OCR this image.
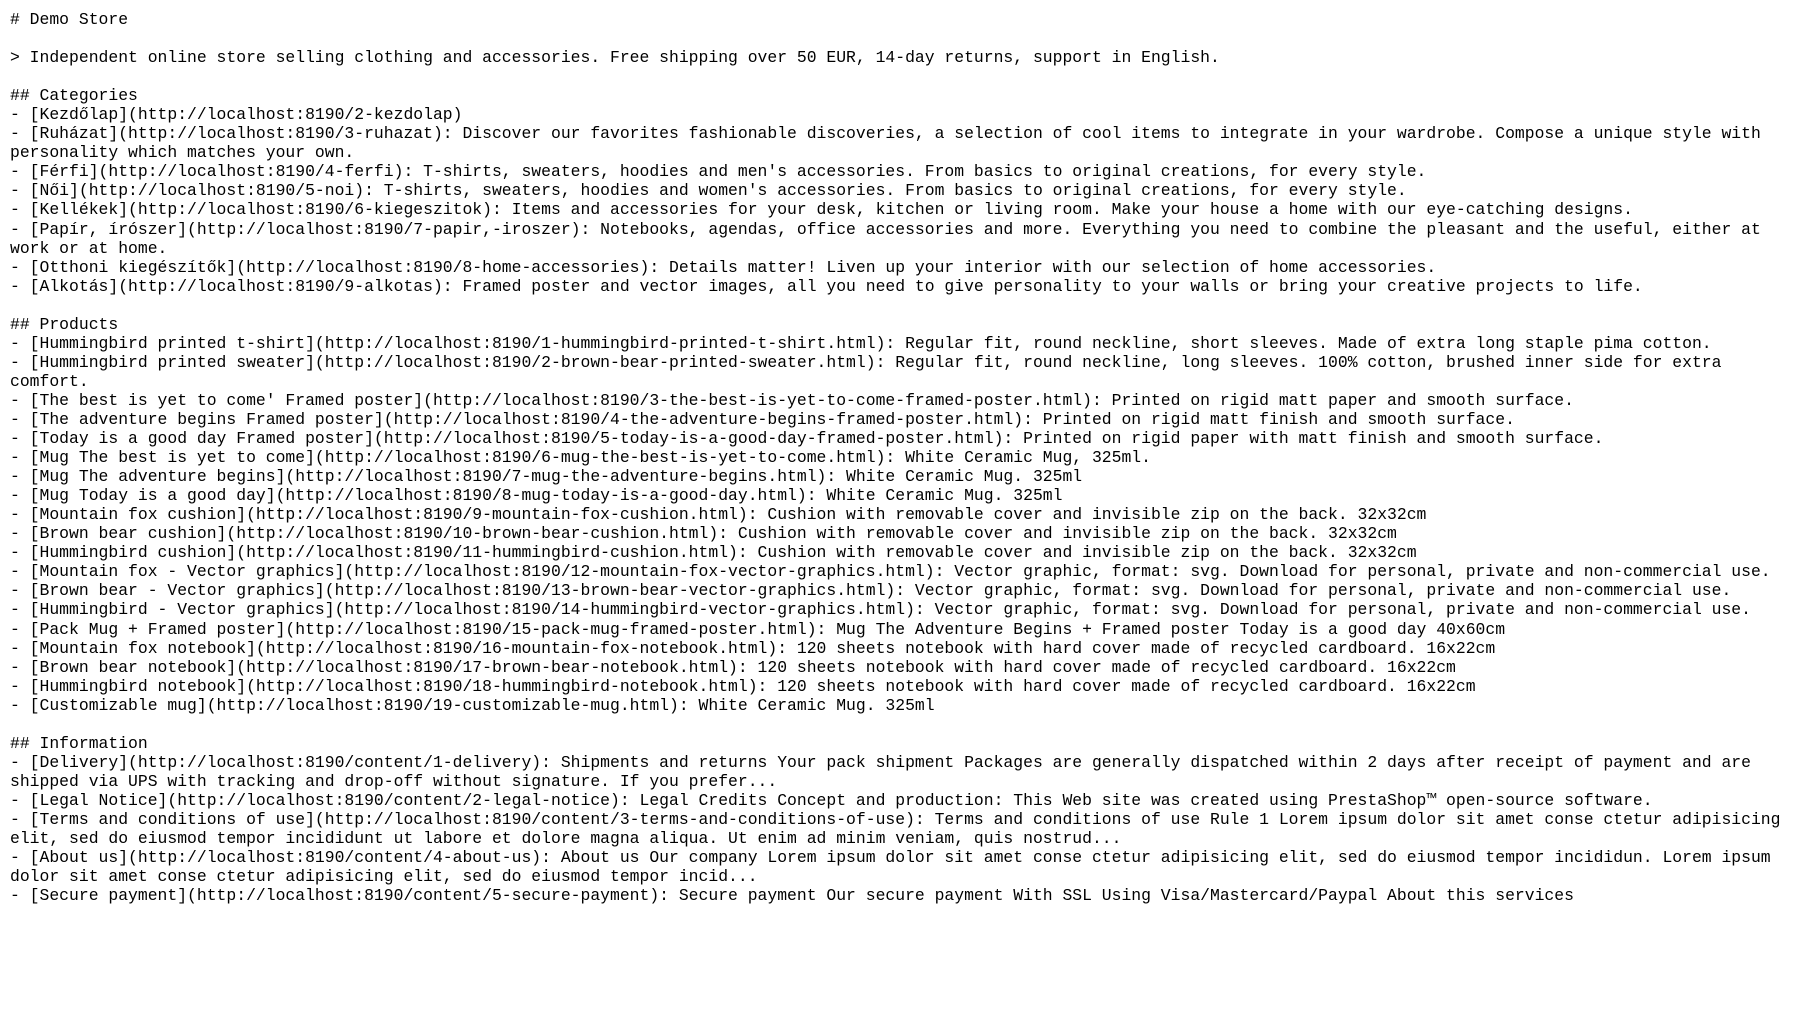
# Demo Store

> Independent online store selling clothing and accessories. Free shipping over 50 EUR, 14-day returns, support in English.

## Categories
- [Kezdőlap](http://localhost:8190/2-kezdolap)
- [Ruházat](http://localhost:8190/3-ruhazat): Discover our favorites fashionable discoveries, a selection of cool items to integrate in your wardrobe. Compose a unique style with personality which matches your own.
- [Férfi](http://localhost:8190/4-ferfi): T-shirts, sweaters, hoodies and men's accessories. From basics to original creations, for every style.
- [Női](http://localhost:8190/5-noi): T-shirts, sweaters, hoodies and women's accessories. From basics to original creations, for every style.
- [Kellékek](http://localhost:8190/6-kiegeszitok): Items and accessories for your desk, kitchen or living room. Make your house a home with our eye-catching designs.
- [Papír, írószer](http://localhost:8190/7-papir,-iroszer): Notebooks, agendas, office accessories and more. Everything you need to combine the pleasant and the useful, either at work or at home.
- [Otthoni kiegészítők](http://localhost:8190/8-home-accessories): Details matter! Liven up your interior with our selection of home accessories.
- [Alkotás](http://localhost:8190/9-alkotas): Framed poster and vector images, all you need to give personality to your walls or bring your creative projects to life.

## Products
- [Hummingbird printed t-shirt](http://localhost:8190/1-hummingbird-printed-t-shirt.html): Regular fit, round neckline, short sleeves. Made of extra long staple pima cotton.
- [Hummingbird printed sweater](http://localhost:8190/2-brown-bear-printed-sweater.html): Regular fit, round neckline, long sleeves. 100% cotton, brushed inner side for extra comfort.
- [The best is yet to come' Framed poster](http://localhost:8190/3-the-best-is-yet-to-come-framed-poster.html): Printed on rigid matt paper and smooth surface.
- [The adventure begins Framed poster](http://localhost:8190/4-the-adventure-begins-framed-poster.html): Printed on rigid matt finish and smooth surface.
- [Today is a good day Framed poster](http://localhost:8190/5-today-is-a-good-day-framed-poster.html): Printed on rigid paper with matt finish and smooth surface.
- [Mug The best is yet to come](http://localhost:8190/6-mug-the-best-is-yet-to-come.html): White Ceramic Mug, 325ml.
- [Mug The adventure begins](http://localhost:8190/7-mug-the-adventure-begins.html): White Ceramic Mug. 325ml
- [Mug Today is a good day](http://localhost:8190/8-mug-today-is-a-good-day.html): White Ceramic Mug. 325ml
- [Mountain fox cushion](http://localhost:8190/9-mountain-fox-cushion.html): Cushion with removable cover and invisible zip on the back. 32x32cm
- [Brown bear cushion](http://localhost:8190/10-brown-bear-cushion.html): Cushion with removable cover and invisible zip on the back. 32x32cm
- [Hummingbird cushion](http://localhost:8190/11-hummingbird-cushion.html): Cushion with removable cover and invisible zip on the back. 32x32cm
- [Mountain fox - Vector graphics](http://localhost:8190/12-mountain-fox-vector-graphics.html): Vector graphic, format: svg. Download for personal, private and non-commercial use.
- [Brown bear - Vector graphics](http://localhost:8190/13-brown-bear-vector-graphics.html): Vector graphic, format: svg. Download for personal, private and non-commercial use.
- [Hummingbird - Vector graphics](http://localhost:8190/14-hummingbird-vector-graphics.html): Vector graphic, format: svg. Download for personal, private and non-commercial use.
- [Pack Mug + Framed poster](http://localhost:8190/15-pack-mug-framed-poster.html): Mug The Adventure Begins + Framed poster Today is a good day 40x60cm
- [Mountain fox notebook](http://localhost:8190/16-mountain-fox-notebook.html): 120 sheets notebook with hard cover made of recycled cardboard. 16x22cm
- [Brown bear notebook](http://localhost:8190/17-brown-bear-notebook.html): 120 sheets notebook with hard cover made of recycled cardboard. 16x22cm
- [Hummingbird notebook](http://localhost:8190/18-hummingbird-notebook.html): 120 sheets notebook with hard cover made of recycled cardboard. 16x22cm
- [Customizable mug](http://localhost:8190/19-customizable-mug.html): White Ceramic Mug. 325ml

## Information
- [Delivery](http://localhost:8190/content/1-delivery): Shipments and returns Your pack shipment Packages are generally dispatched within 2 days after receipt of payment and are shipped via UPS with tracking and drop-off without signature. If you prefer...
- [Legal Notice](http://localhost:8190/content/2-legal-notice): Legal Credits Concept and production: This Web site was created using PrestaShop™ open-source software.
- [Terms and conditions of use](http://localhost:8190/content/3-terms-and-conditions-of-use): Terms and conditions of use Rule 1 Lorem ipsum dolor sit amet conse ctetur adipisicing elit, sed do eiusmod tempor incididunt ut labore et dolore magna aliqua. Ut enim ad minim veniam, quis nostrud...
- [About us](http://localhost:8190/content/4-about-us): About us Our company Lorem ipsum dolor sit amet conse ctetur adipisicing elit, sed do eiusmod tempor incididun. Lorem ipsum dolor sit amet conse ctetur adipisicing elit, sed do eiusmod tempor incid...
- [Secure payment](http://localhost:8190/content/5-secure-payment): Secure payment Our secure payment With SSL Using Visa/Mastercard/Paypal About this services
